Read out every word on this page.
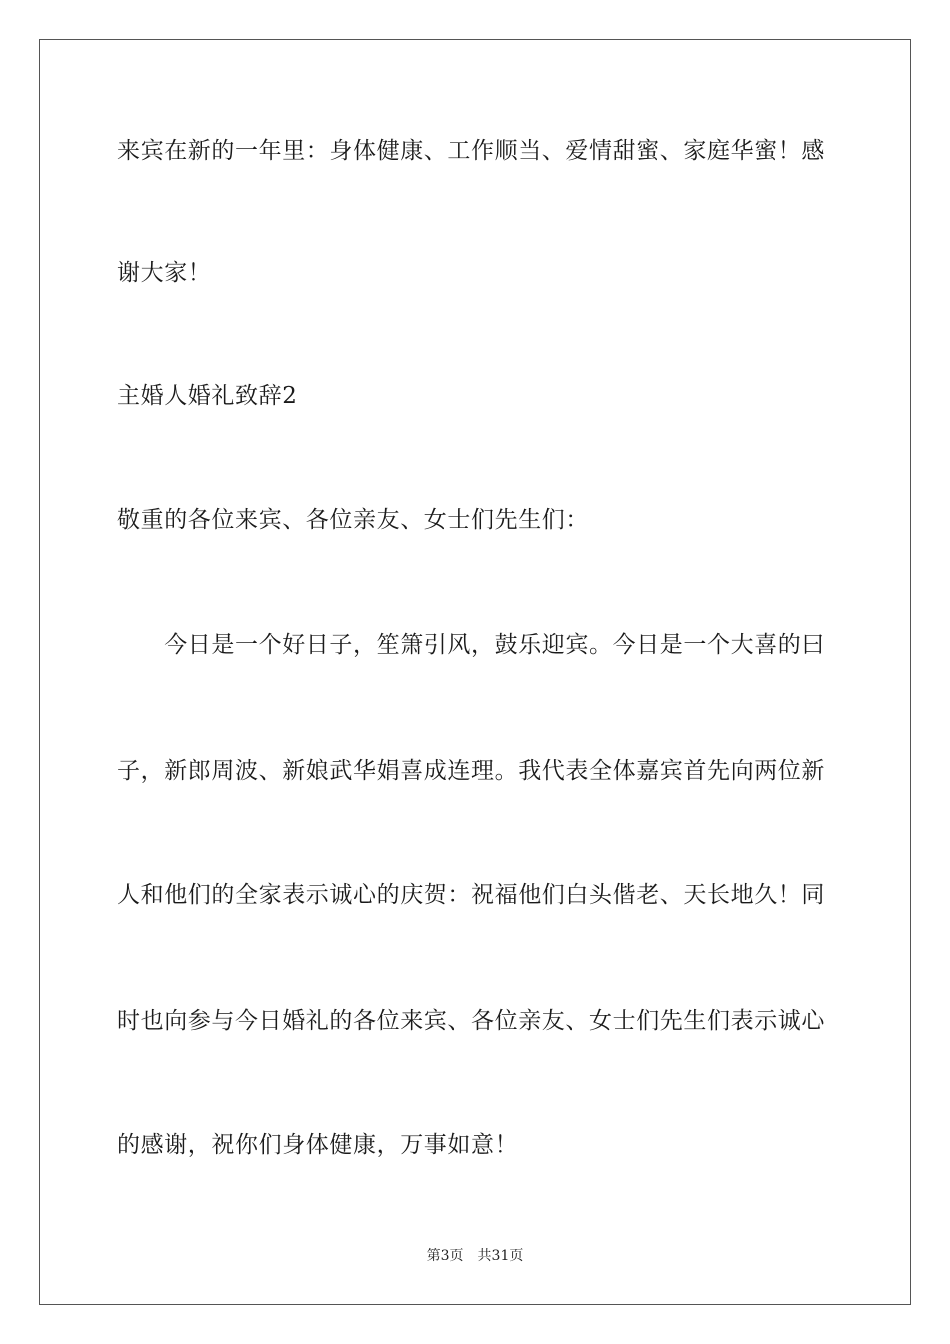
来宾在新的一年里：身体健康、工作顺当、爱情甜蜜、家庭华蜜！感
谢大家！
主婚人婚礼致辞2
敬重的各位来宾、各位亲友、女士们先生们：
　　今日是一个好日子，笙箫引风，鼓乐迎宾。今日是一个大喜的曰
子，新郎周波、新娘武华娟喜成连理。我代表全体嘉宾首先向两位新
人和他们的全家表示诚心的庆贺：祝福他们白头偕老、天长地久！同
时也向参与今日婚礼的各位来宾、各位亲友、女士们先生们表示诚心
的感谢，祝你们身体健康，万事如意！
第3页 共31页
